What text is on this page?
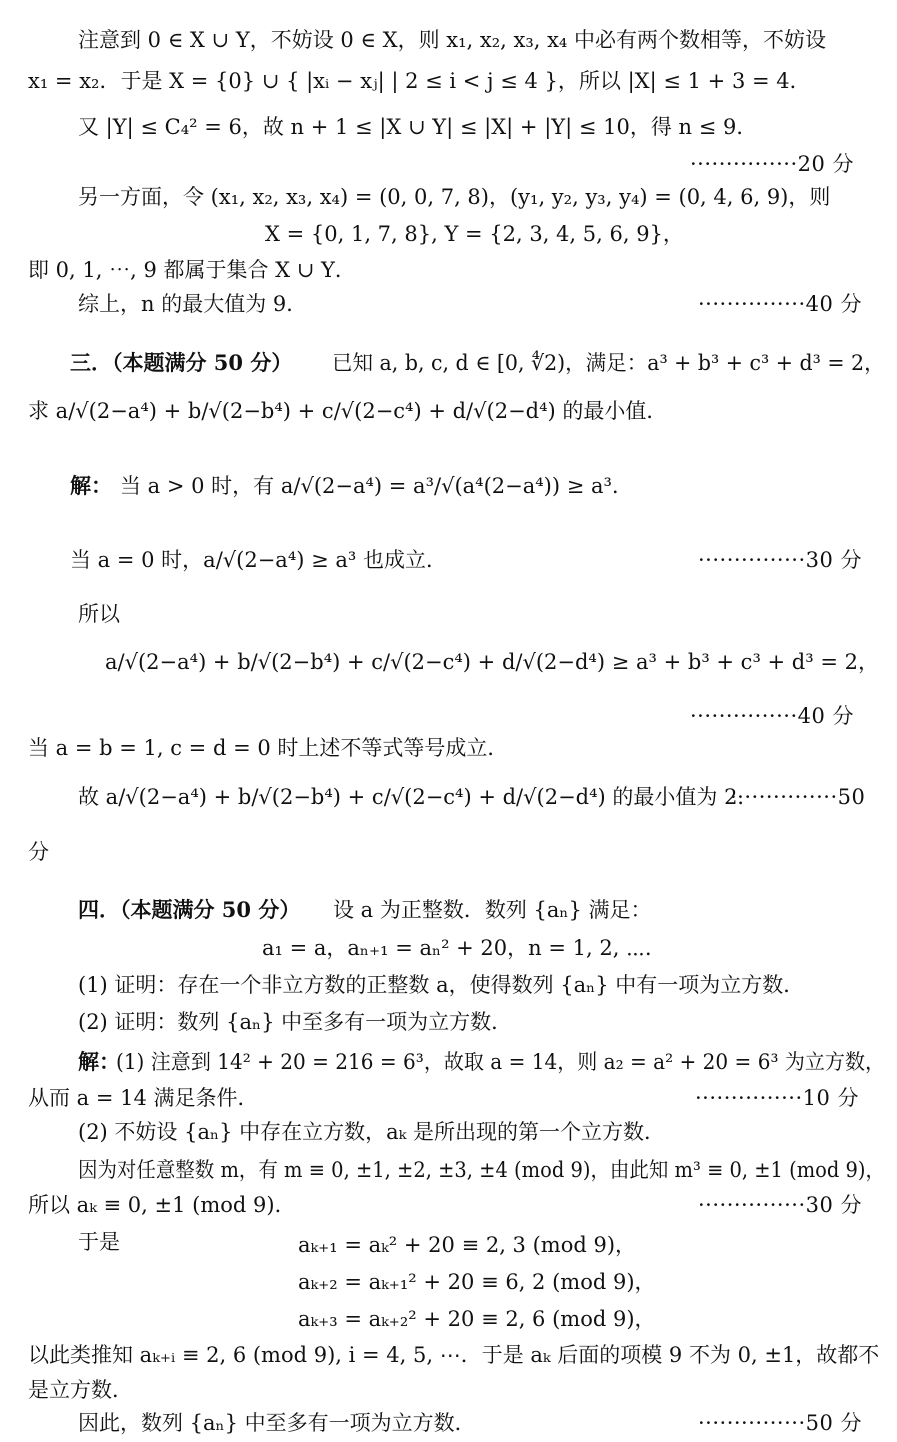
注意到 0 ∈ X ∪ Y，不妨设 0 ∈ X，则 x₁, x₂, x₃, x₄ 中必有两个数相等，不妨设
x₁ = x₂．于是 X = {0} ∪ { |xᵢ − xⱼ| | 2 ≤ i < j ≤ 4 }，所以 |X| ≤ 1 + 3 = 4．
又 |Y| ≤ C₄² = 6，故 n + 1 ≤ |X ∪ Y| ≤ |X| + |Y| ≤ 10，得 n ≤ 9．
···············20 分
另一方面，令 (x₁, x₂, x₃, x₄) = (0, 0, 7, 8)，(y₁, y₂, y₃, y₄) = (0, 4, 6, 9)，则
X = {0, 1, 7, 8}, Y = {2, 3, 4, 5, 6, 9}，
即 0, 1, ⋯, 9 都属于集合 X ∪ Y．
综上，n 的最大值为 9．	···············40 分
三．（本题满分 50 分） 已知 a, b, c, d ∈ [0, ∜2)，满足：a³ + b³ + c³ + d³ = 2，
求 a/√(2−a⁴) + b/√(2−b⁴) + c/√(2−c⁴) + d/√(2−d⁴) 的最小值．
解： 当 a > 0 时，有 a/√(2−a⁴) = a³/√(a⁴(2−a⁴)) ≥ a³．
当 a = 0 时，a/√(2−a⁴) ≥ a³ 也成立．	···············30 分
所以
a/√(2−a⁴) + b/√(2−b⁴) + c/√(2−c⁴) + d/√(2−d⁴) ≥ a³ + b³ + c³ + d³ = 2，
···············40 分
当 a = b = 1, c = d = 0 时上述不等式等号成立．
故 a/√(2−a⁴) + b/√(2−b⁴) + c/√(2−c⁴) + d/√(2−d⁴) 的最小值为 2．
···············50
分
四．（本题满分 50 分） 设 a 为正整数．数列 {aₙ} 满足：
a₁ = a，aₙ₊₁ = aₙ² + 20，n = 1, 2, ⋯．
(1) 证明：存在一个非立方数的正整数 a，使得数列 {aₙ} 中有一项为立方数．
(2) 证明：数列 {aₙ} 中至多有一项为立方数．
解：
(1) 注意到 14² + 20 = 216 = 6³，故取 a = 14，则 a₂ = a² + 20 = 6³ 为立方数，
从而 a = 14 满足条件．	···············10 分
(2) 不妨设 {aₙ} 中存在立方数，aₖ 是所出现的第一个立方数．
因为对任意整数 m，有 m ≡ 0, ±1, ±2, ±3, ±4 (mod 9)，由此知 m³ ≡ 0, ±1 (mod 9)，
所以 aₖ ≡ 0, ±1 (mod 9)．	···············30 分
于是	aₖ₊₁ = aₖ² + 20 ≡ 2, 3 (mod 9)，
aₖ₊₂ = aₖ₊₁² + 20 ≡ 6, 2 (mod 9)，
aₖ₊₃ = aₖ₊₂² + 20 ≡ 2, 6 (mod 9)，
以此类推知 aₖ₊ᵢ ≡ 2, 6 (mod 9), i = 4, 5, ⋯．于是 aₖ 后面的项模 9 不为 0, ±1，故都不
是立方数．
因此，数列 {aₙ} 中至多有一项为立方数．	···············50 分
